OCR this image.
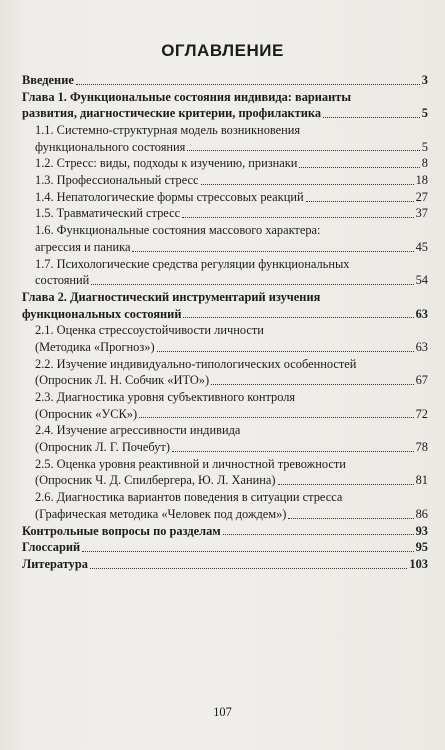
ОГЛАВЛЕНИЕ
Введение	3
Глава 1. Функциональные состояния индивида: варианты
развития, диагностические критерии, профилактика	5
1.1. Системно-структурная модель возникновения
функционального состояния	5
1.2. Стресс: виды, подходы к изучению, признаки	8
1.3. Профессиональный стресс	18
1.4. Непатологические формы стрессовых реакций	27
1.5. Травматический стресс	37
1.6. Функциональные состояния массового характера:
агрессия и паника	45
1.7. Психологические средства регуляции функциональных
состояний	54
Глава 2. Диагностический инструментарий изучения
функциональных состояний	63
2.1. Оценка стрессоустойчивости личности
(Методика «Прогноз»)	63
2.2. Изучение индивидуально-типологических особенностей
(Опросник Л. Н. Собчик «ИТО»)	67
2.3. Диагностика уровня субъективного контроля
(Опросник «УСК»)	72
2.4. Изучение агрессивности индивида
(Опросник Л. Г. Почебут)	78
2.5. Оценка уровня реактивной и личностной тревожности
(Опросник Ч. Д. Спилбергера, Ю. Л. Ханина)	81
2.6. Диагностика вариантов поведения в ситуации стресса
(Графическая методика «Человек под дождем»)	86
Контрольные вопросы по разделам	93
Глоссарий	95
Литература	103
107
